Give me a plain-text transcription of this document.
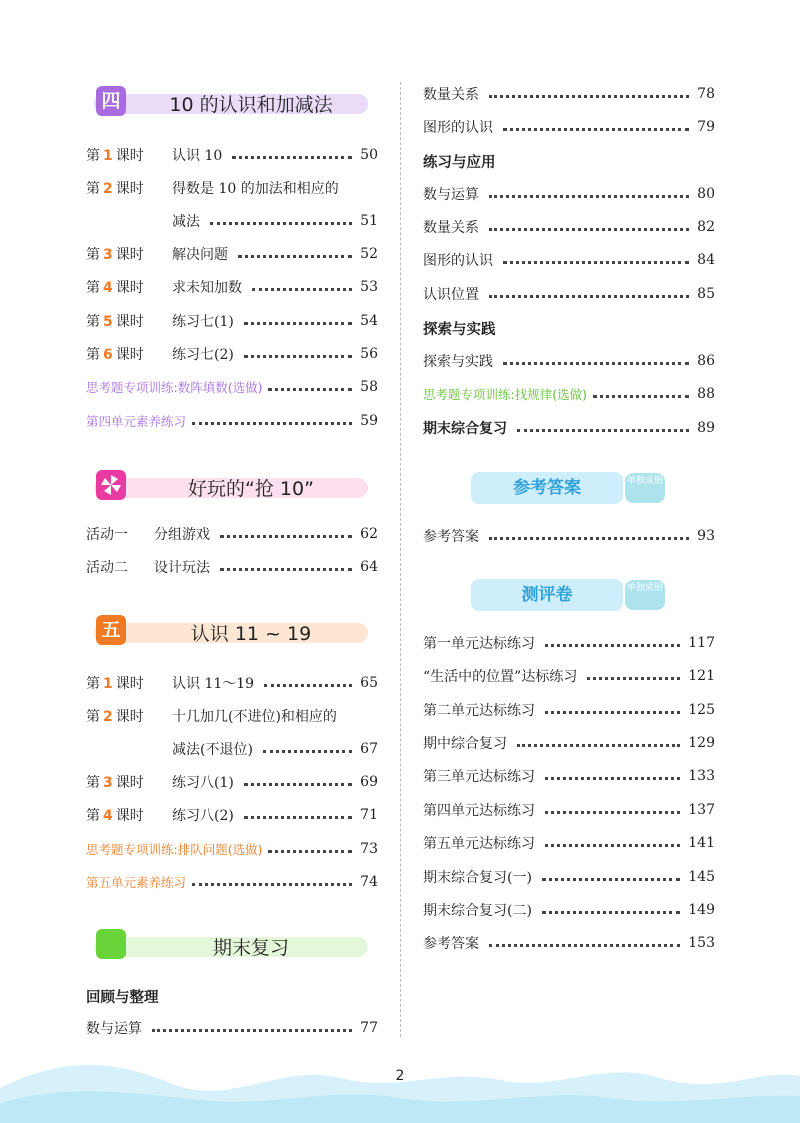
四	10 的认识和加减法
第 1 课时	认识 10	50
第 2 课时	得数是 10 的加法和相应的
减法	51
第 3 课时	解决问题	52
第 4 课时	求未知加数	53
第 5 课时	练习七(1)	54
第 6 课时	练习七(2)	56
思考题专项训练:数阵填数(选做)	58
第四单元素养练习	59
好玩的“抢 10”
活动一	分组游戏	62
活动二	设计玩法	64
五	认识 11 ~ 19
第 1 课时	认识 11～19	65
第 2 课时	十几加几(不进位)和相应的
减法(不退位)	67
第 3 课时	练习八(1)	69
第 4 课时	练习八(2)	71
思考题专项训练:排队问题(选做)	73
第五单元素养练习	74
期末复习
回顾与整理
数与运算	77
数量关系	78
图形的认识	79
练习与应用
数与运算	80
数量关系	82
图形的认识	84
认识位置	85
探索与实践
探索与实践	86
思考题专项训练:找规律(选做)	88
期末综合复习	89
参考答案	单独成册
参考答案	93
测评卷	单独成册
第一单元达标练习	117
“生活中的位置”达标练习	121
第二单元达标练习	125
期中综合复习	129
第三单元达标练习	133
第四单元达标练习	137
第五单元达标练习	141
期末综合复习(一)	145
期末综合复习(二)	149
参考答案	153
2
